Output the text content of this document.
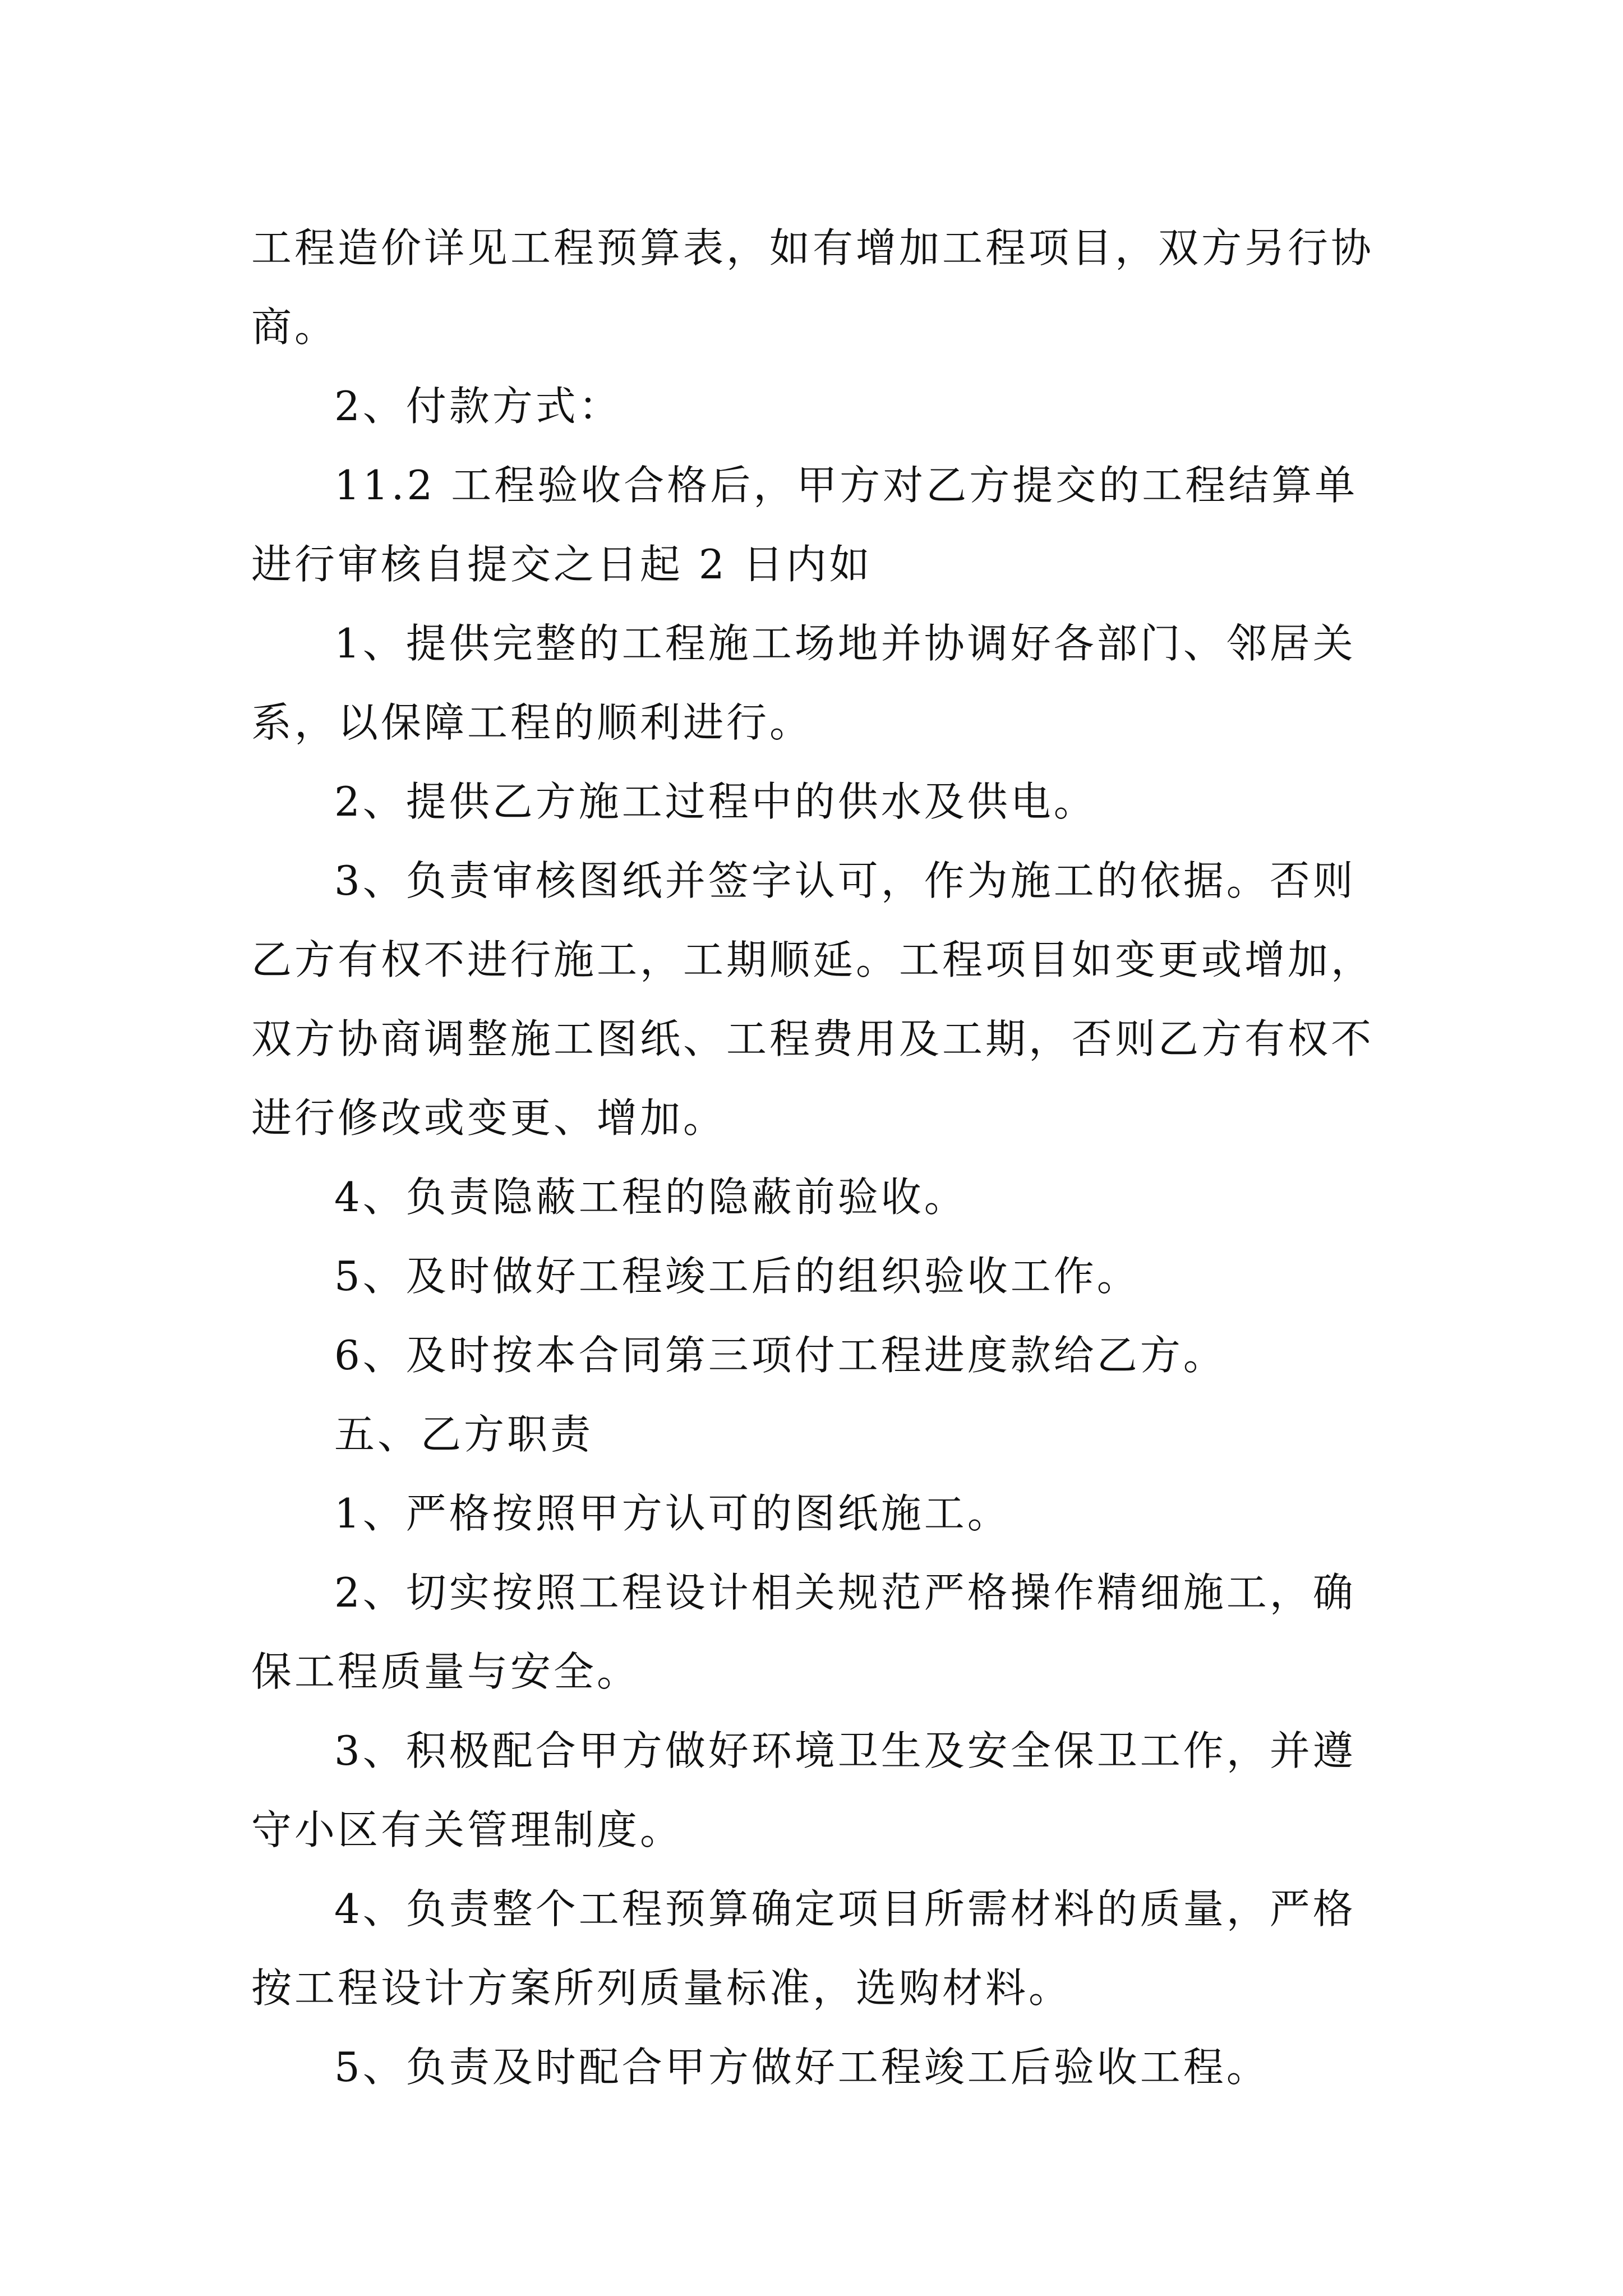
工程造价详见工程预算表，如有增加工程项目，双方另行协
商。

2、付款方式：

11.2 工程验收合格后，甲方对乙方提交的工程结算单
进行审核自提交之日起 2 日内如

1、提供完整的工程施工场地并协调好各部门、邻居关
系，以保障工程的顺利进行。

2、提供乙方施工过程中的供水及供电。

3、负责审核图纸并签字认可，作为施工的依据。否则
乙方有权不进行施工，工期顺延。工程项目如变更或增加，
双方协商调整施工图纸、工程费用及工期，否则乙方有权不
进行修改或变更、增加。

4、负责隐蔽工程的隐蔽前验收。

5、及时做好工程竣工后的组织验收工作。

6、及时按本合同第三项付工程进度款给乙方。

五、乙方职责

1、严格按照甲方认可的图纸施工。

2、切实按照工程设计相关规范严格操作精细施工，确
保工程质量与安全。

3、积极配合甲方做好环境卫生及安全保卫工作，并遵
守小区有关管理制度。

4、负责整个工程预算确定项目所需材料的质量，严格
按工程设计方案所列质量标准，选购材料。

5、负责及时配合甲方做好工程竣工后验收工程。
